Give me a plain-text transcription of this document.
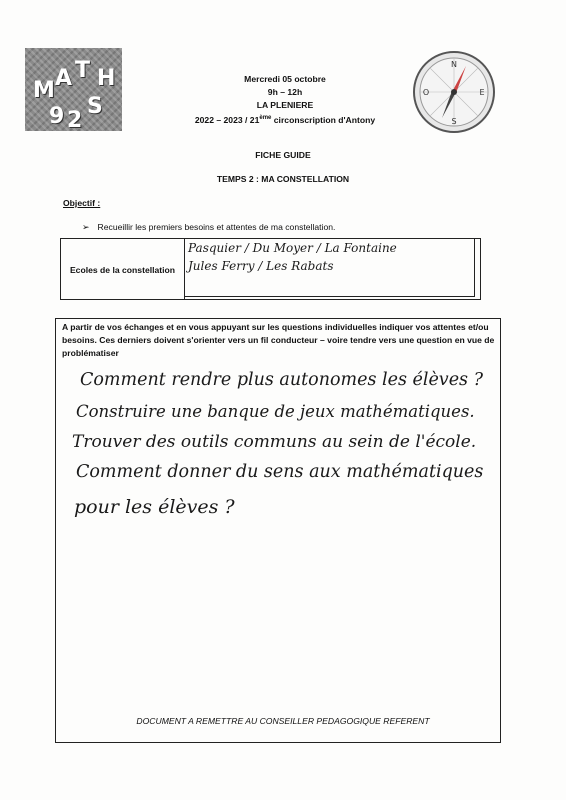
M A T H
9 2
S
Mercredi 05 octobre
9h – 12h
LA PLENIERE
2022 – 2023 / 21ème circonscription d'Antony
N
E
S
O
FICHE GUIDE
TEMPS 2 : MA CONSTELLATION
Objectif :
➢ Recueillir les premiers besoins et attentes de ma constellation.
Ecoles de la constellation
Pasquier / Du Moyer / La Fontaine
Jules Ferry / Les Rabats
A partir de vos échanges et en vous appuyant sur les questions individuelles indiquer vos attentes et/ou besoins. Ces derniers doivent s'orienter vers un fil conducteur – voire tendre vers une question en vue de problématiser
Comment rendre plus autonomes les élèves ?
Construire une banque de jeux mathématiques.
Trouver des outils communs au sein de l'école.
Comment donner du sens aux mathématiques
pour les élèves ?
DOCUMENT A REMETTRE AU CONSEILLER PEDAGOGIQUE REFERENT
